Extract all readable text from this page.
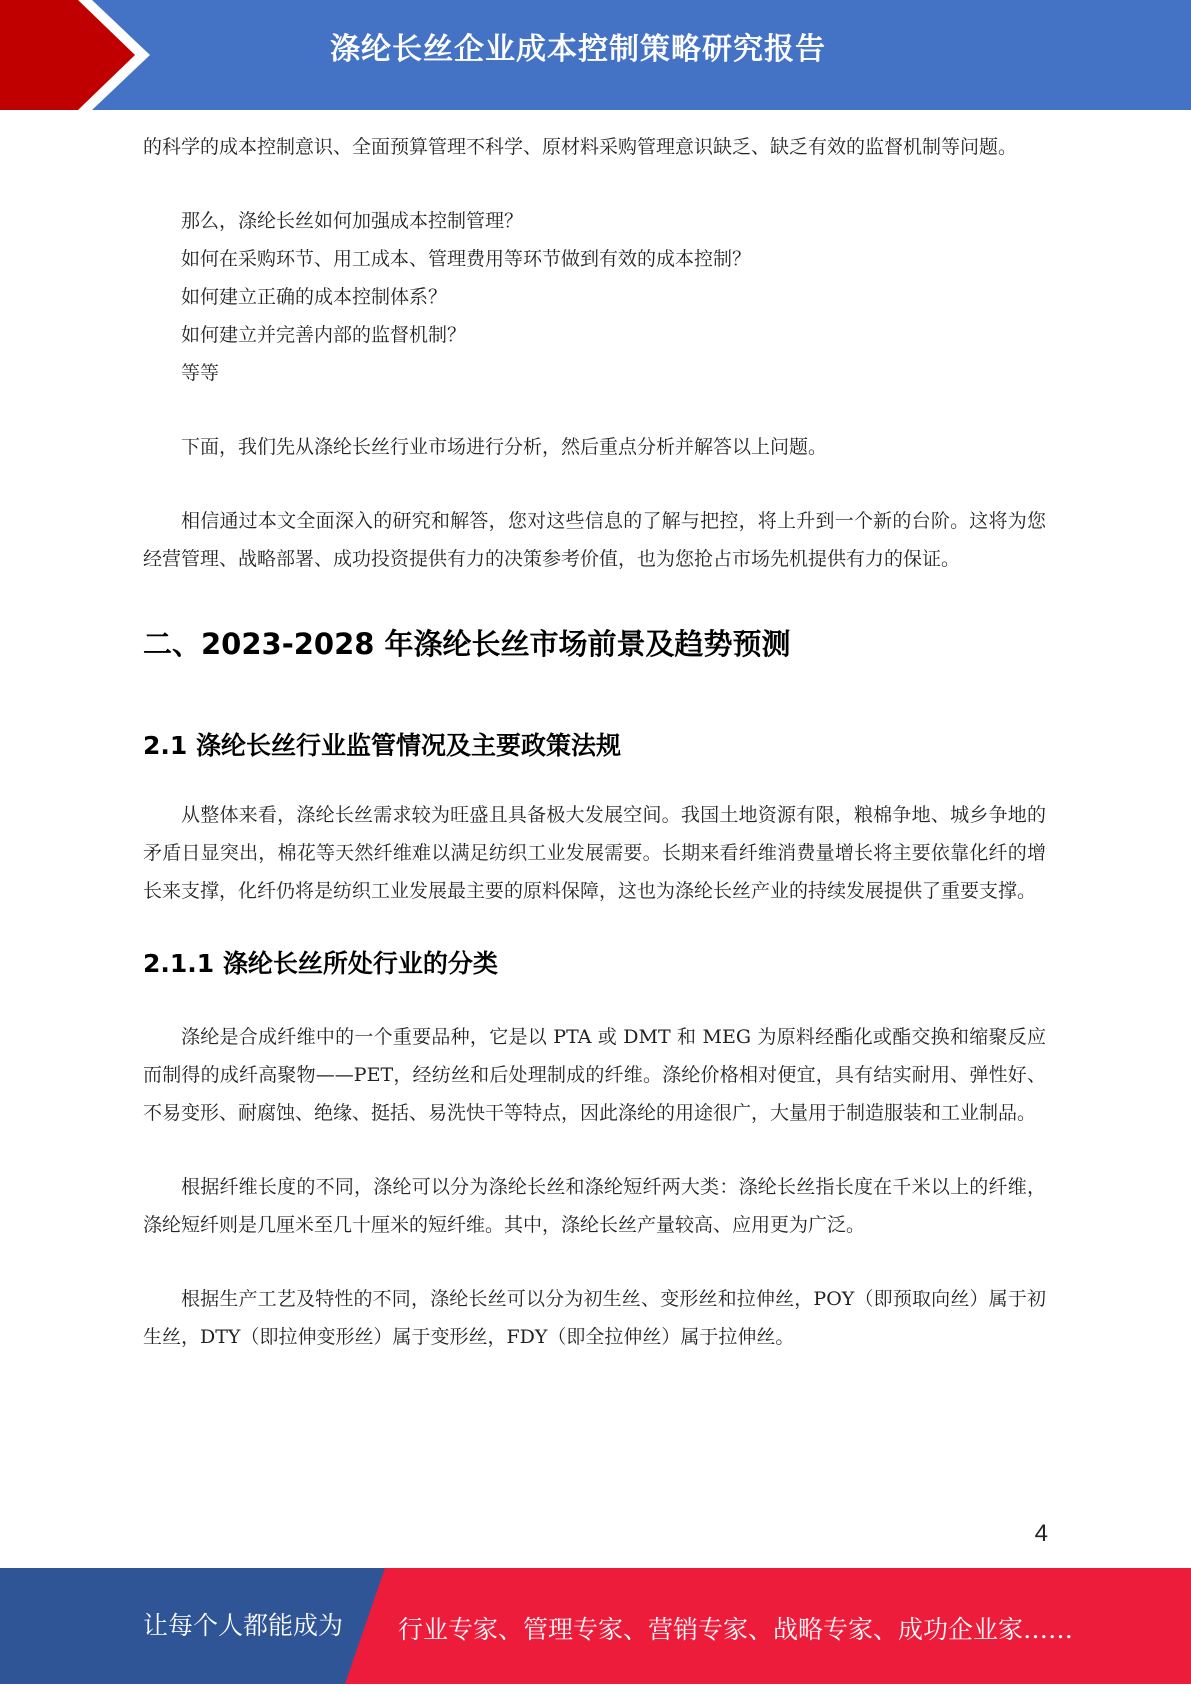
涤纶长丝企业成本控制策略研究报告

的科学的成本控制意识、全面预算管理不科学、原材料采购管理意识缺乏、缺乏有效的监督机制等问题。

那么，涤纶长丝如何加强成本控制管理？

如何在采购环节、用工成本、管理费用等环节做到有效的成本控制？

如何建立正确的成本控制体系？

如何建立并完善内部的监督机制？

等等

下面，我们先从涤纶长丝行业市场进行分析，然后重点分析并解答以上问题。

相信通过本文全面深入的研究和解答，您对这些信息的了解与把控，将上升到一个新的台阶。这将为您经营管理、战略部署、成功投资提供有力的决策参考价值，也为您抢占市场先机提供有力的保证。

二、2023-2028 年涤纶长丝市场前景及趋势预测
2.1 涤纶长丝行业监管情况及主要政策法规

从整体来看，涤纶长丝需求较为旺盛且具备极大发展空间。我国土地资源有限，粮棉争地、城乡争地的矛盾日显突出，棉花等天然纤维难以满足纺织工业发展需要。长期来看纤维消费量增长将主要依靠化纤的增长来支撑，化纤仍将是纺织工业发展最主要的原料保障，这也为涤纶长丝产业的持续发展提供了重要支撑。

2.1.1 涤纶长丝所处行业的分类

涤纶是合成纤维中的一个重要品种，它是以 PTA 或 DMT 和 MEG 为原料经酯化或酯交换和缩聚反应而制得的成纤高聚物——PET，经纺丝和后处理制成的纤维。涤纶价格相对便宜，具有结实耐用、弹性好、不易变形、耐腐蚀、绝缘、挺括、易洗快干等特点，因此涤纶的用途很广，大量用于制造服装和工业制品。

根据纤维长度的不同，涤纶可以分为涤纶长丝和涤纶短纤两大类：涤纶长丝指长度在千米以上的纤维，涤纶短纤则是几厘米至几十厘米的短纤维。其中，涤纶长丝产量较高、应用更为广泛。

根据生产工艺及特性的不同，涤纶长丝可以分为初生丝、变形丝和拉伸丝，POY（即预取向丝）属于初生丝，DTY（即拉伸变形丝）属于变形丝，FDY（即全拉伸丝）属于拉伸丝。

4
让每个人都能成为 行业专家、管理专家、营销专家、战略专家、成功企业家……
